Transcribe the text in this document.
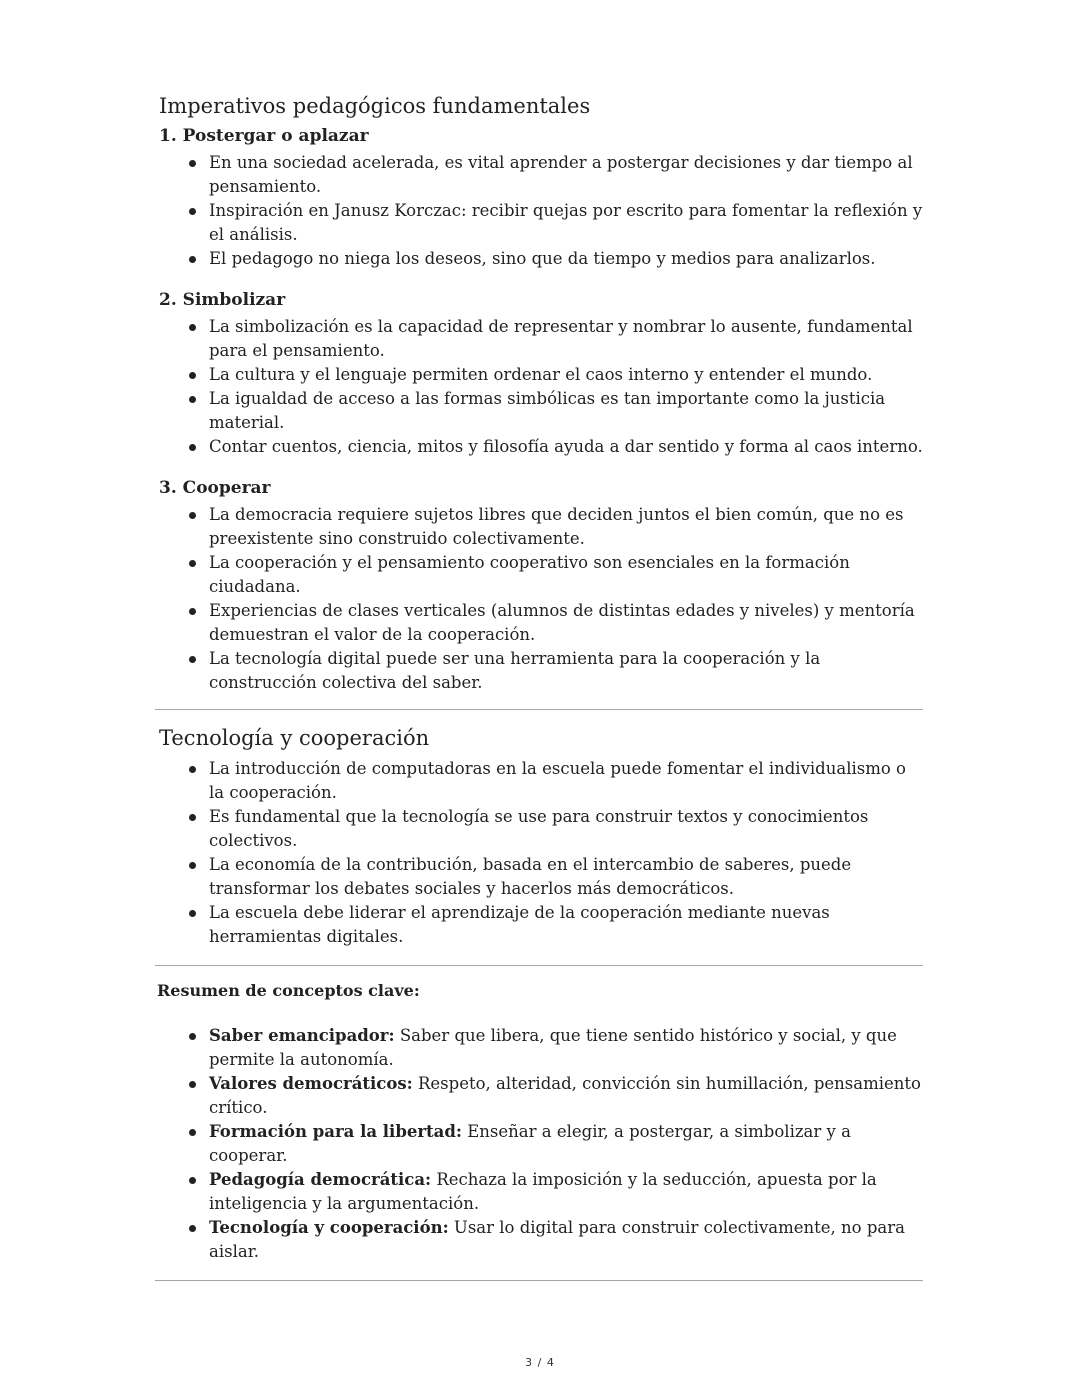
Imperativos pedagógicos fundamentales
1. Postergar o aplazar
En una sociedad acelerada, es vital aprender a postergar decisiones y dar tiempo al pensamiento.
Inspiración en Janusz Korczac: recibir quejas por escrito para fomentar la reflexión y el análisis.
El pedagogo no niega los deseos, sino que da tiempo y medios para analizarlos.
2. Simbolizar
La simbolización es la capacidad de representar y nombrar lo ausente, fundamental para el pensamiento.
La cultura y el lenguaje permiten ordenar el caos interno y entender el mundo.
La igualdad de acceso a las formas simbólicas es tan importante como la justicia material.
Contar cuentos, ciencia, mitos y filosofía ayuda a dar sentido y forma al caos interno.
3. Cooperar
La democracia requiere sujetos libres que deciden juntos el bien común, que no es preexistente sino construido colectivamente.
La cooperación y el pensamiento cooperativo son esenciales en la formación ciudadana.
Experiencias de clases verticales (alumnos de distintas edades y niveles) y mentoría demuestran el valor de la cooperación.
La tecnología digital puede ser una herramienta para la cooperación y la construcción colectiva del saber.
Tecnología y cooperación
La introducción de computadoras en la escuela puede fomentar el individualismo o la cooperación.
Es fundamental que la tecnología se use para construir textos y conocimientos colectivos.
La economía de la contribución, basada en el intercambio de saberes, puede transformar los debates sociales y hacerlos más democráticos.
La escuela debe liderar el aprendizaje de la cooperación mediante nuevas herramientas digitales.
Resumen de conceptos clave:
Saber emancipador: Saber que libera, que tiene sentido histórico y social, y que permite la autonomía.
Valores democráticos: Respeto, alteridad, convicción sin humillación, pensamiento crítico.
Formación para la libertad: Enseñar a elegir, a postergar, a simbolizar y a cooperar.
Pedagogía democrática: Rechaza la imposición y la seducción, apuesta por la inteligencia y la argumentación.
Tecnología y cooperación: Usar lo digital para construir colectivamente, no para aislar.
3 / 4
